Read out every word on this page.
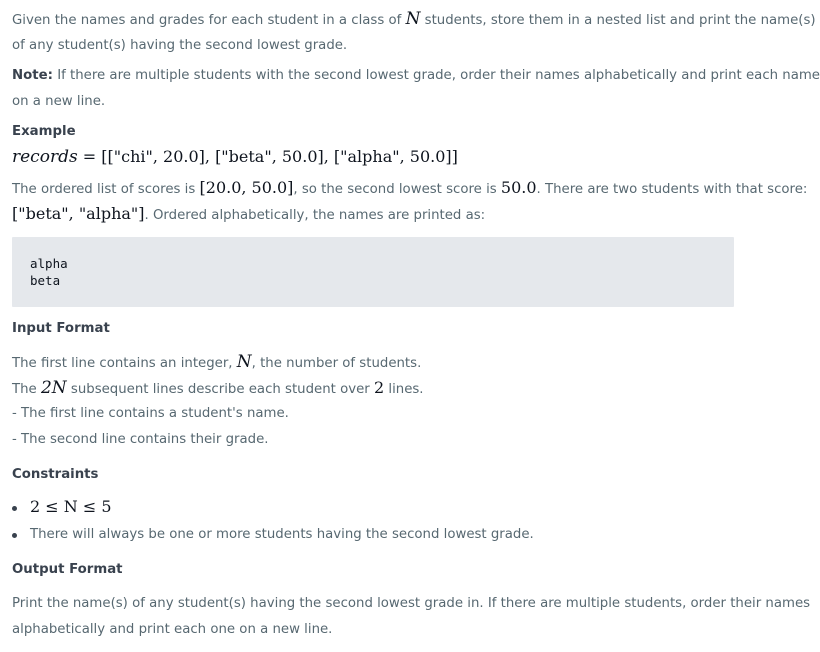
Given the names and grades for each student in a class of N students, store them in a nested list and print the name(s)

of any student(s) having the second lowest grade.

Note: If there are multiple students with the second lowest grade, order their names alphabetically and print each name

on a new line.

Example

records = [["chi", 20.0], ["beta", 50.0], ["alpha", 50.0]]

The ordered list of scores is [20.0, 50.0], so the second lowest score is 50.0. There are two students with that score:

["beta", "alpha"]. Ordered alphabetically, the names are printed as:

alpha
beta

Input Format

The first line contains an integer, N, the number of students.

The 2N subsequent lines describe each student over 2 lines.

- The first line contains a student's name.

- The second line contains their grade.

Constraints

2 ≤ N ≤ 5

There will always be one or more students having the second lowest grade.

Output Format

Print the name(s) of any student(s) having the second lowest grade in. If there are multiple students, order their names

alphabetically and print each one on a new line.
